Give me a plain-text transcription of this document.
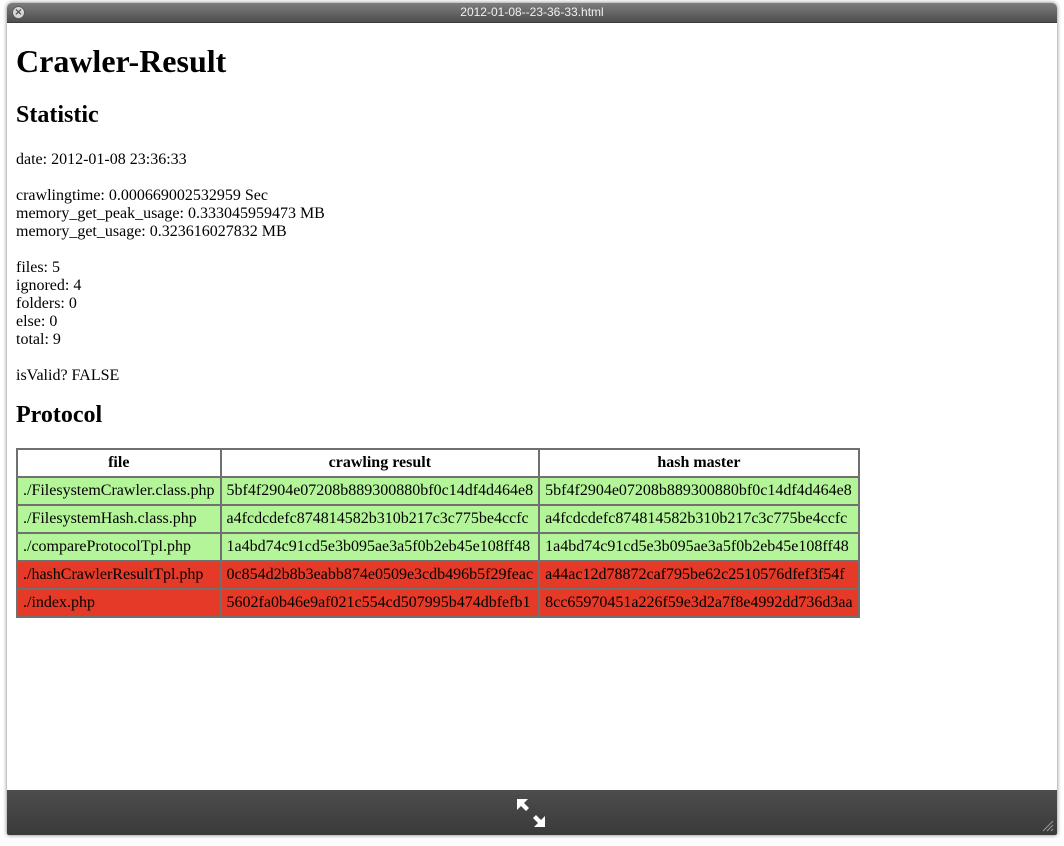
×	2012-01-08--23-36-33.html
Crawler-Result
Statistic
date: 2012-01-08 23:36:33
crawlingtime: 0.000669002532959 Sec
memory_get_peak_usage: 0.333045959473 MB
memory_get_usage: 0.323616027832 MB
files: 5
ignored: 4
folders: 0
else: 0
total: 9
isValid? FALSE
Protocol
file	crawling result	hash master
./FilesystemCrawler.class.php	5bf4f2904e07208b889300880bf0c14df4d464e8	5bf4f2904e07208b889300880bf0c14df4d464e8
./FilesystemHash.class.php	a4fcdcdefc874814582b310b217c3c775be4ccfc	a4fcdcdefc874814582b310b217c3c775be4ccfc
./compareProtocolTpl.php	1a4bd74c91cd5e3b095ae3a5f0b2eb45e108ff48	1a4bd74c91cd5e3b095ae3a5f0b2eb45e108ff48
./hashCrawlerResultTpl.php	0c854d2b8b3eabb874e0509e3cdb496b5f29feac	a44ac12d78872caf795be62c2510576dfef3f54f
./index.php	5602fa0b46e9af021c554cd507995b474dbfefb1	8cc65970451a226f59e3d2a7f8e4992dd736d3aa
